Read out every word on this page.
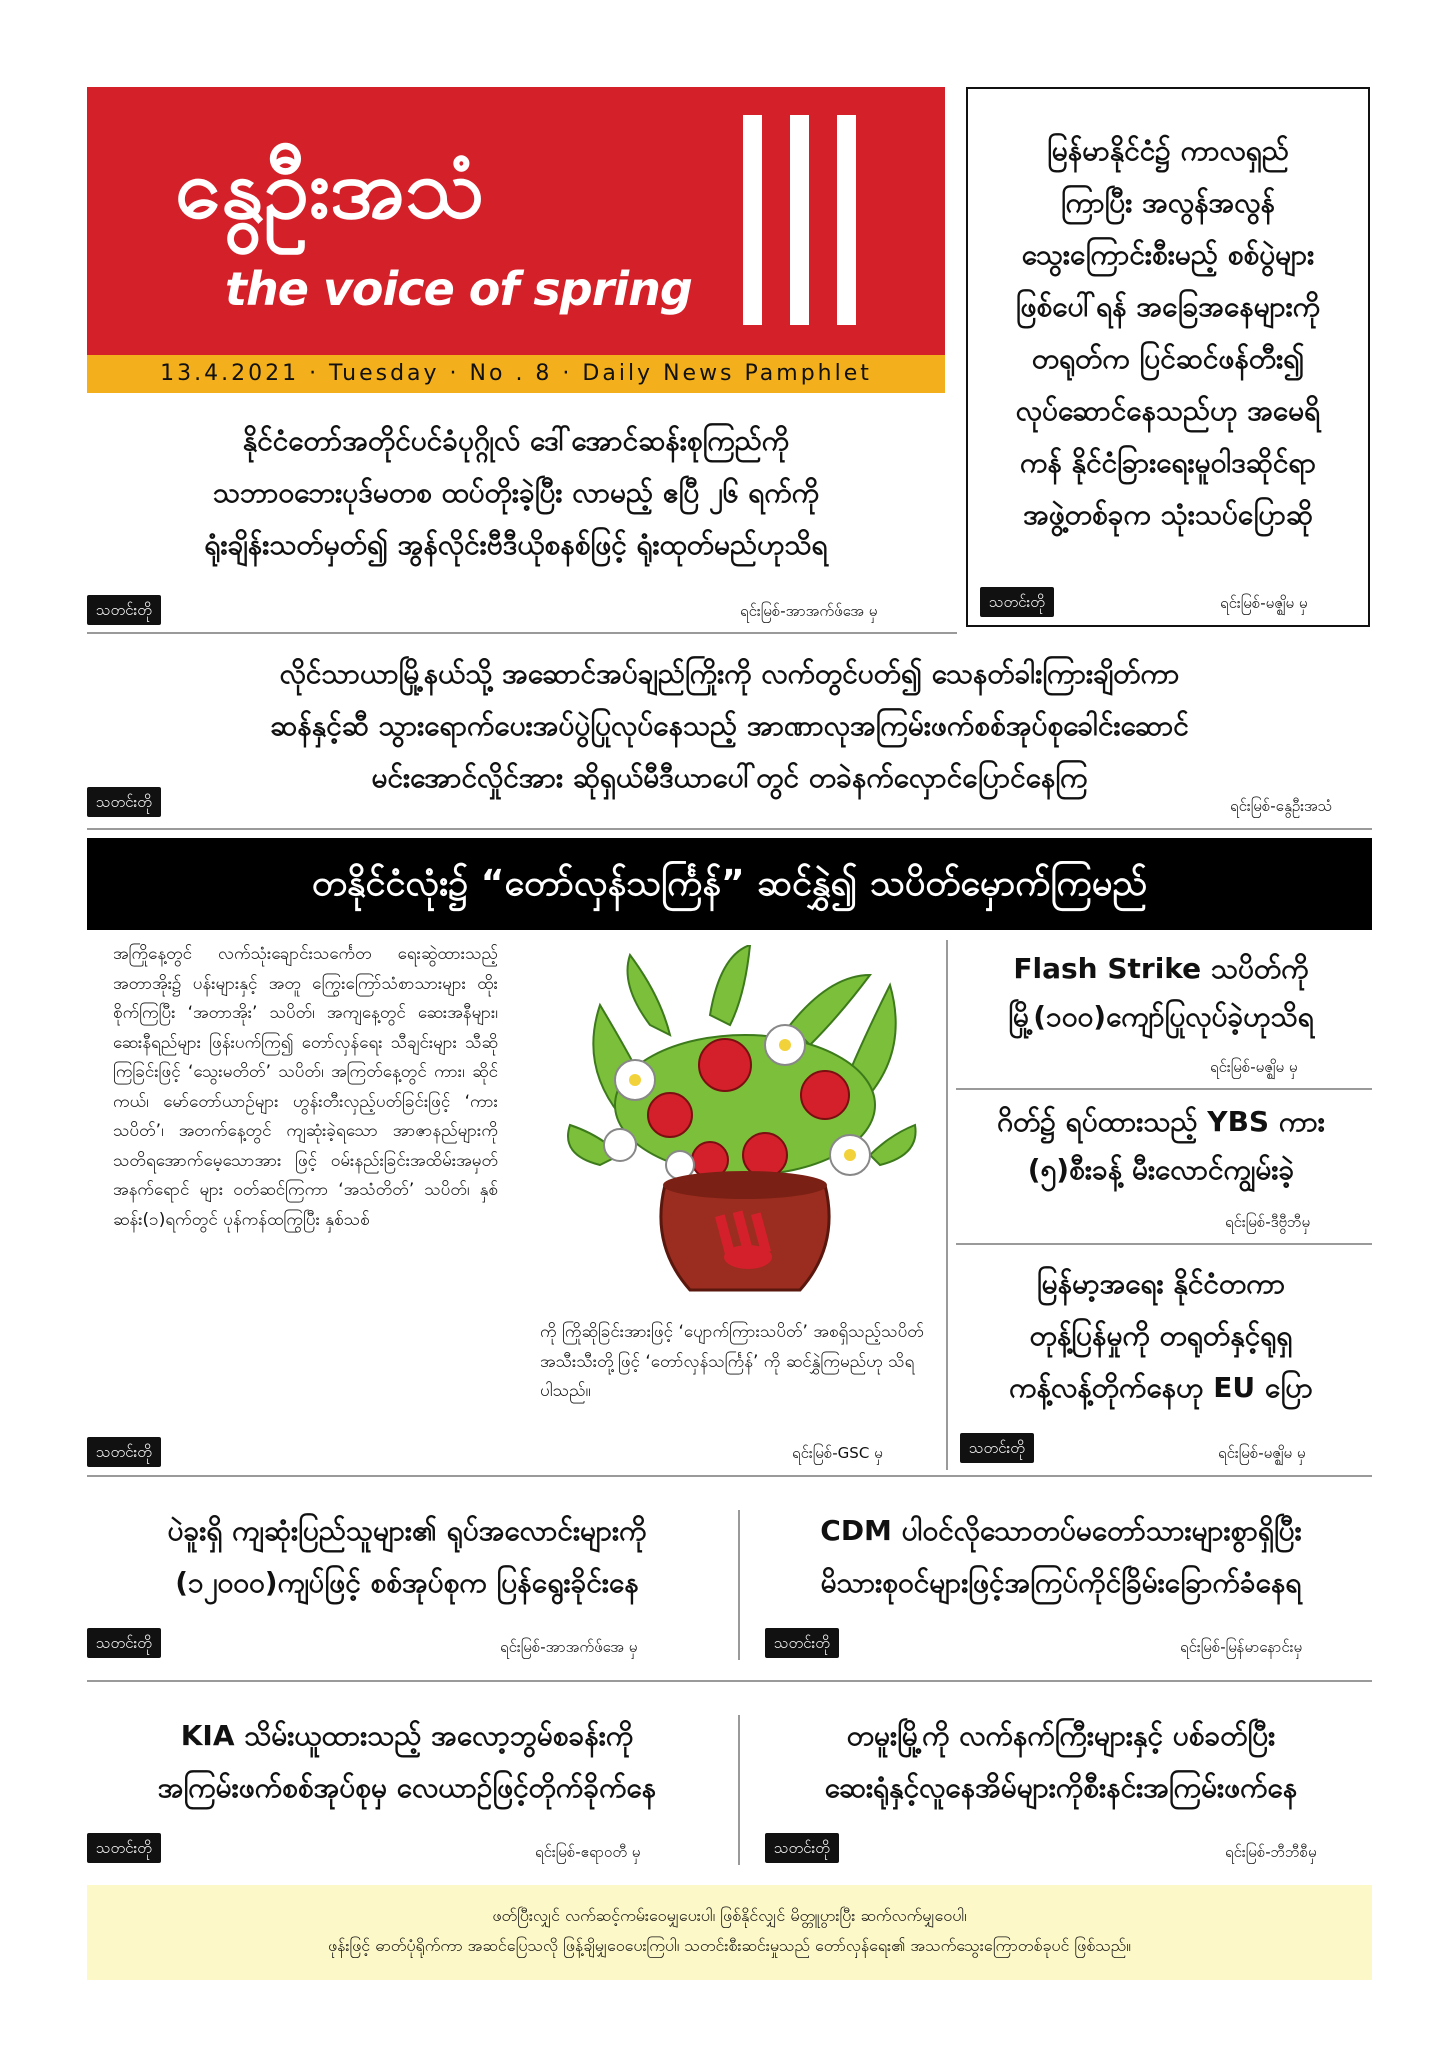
နွေဦးအသံ
the voice of spring
13.4.2021 · Tuesday · No . 8 · Daily News Pamphlet
နိုင်ငံတော်အတိုင်ပင်ခံပုဂ္ဂိုလ် ဒေါ်အောင်ဆန်းစုကြည်ကို
သဘာဝဘေးပုဒ်မတစ ထပ်တိုးခဲ့ပြီး လာမည့် ဧပြီ ၂၆ ရက်ကို
ရုံးချိန်းသတ်မှတ်၍ အွန်လိုင်းဗီဒီယိုစနစ်ဖြင့် ရုံးထုတ်မည်ဟုသိရ
သတင်းတို	ရင်းမြစ်-အာအက်ဖ်အေ မှ
မြန်မာနိုင်ငံ၌ ကာလရှည်
ကြာပြီး အလွန်အလွန်
သွေးကြောင်းစီးမည့် စစ်ပွဲများ
ဖြစ်ပေါ်ရန် အခြေအနေများကို
တရုတ်က ပြင်ဆင်ဖန်တီး၍
လုပ်ဆောင်နေသည်ဟု အမေရိ
ကန် နိုင်ငံခြားရေးမူဝါဒဆိုင်ရာ
အဖွဲ့တစ်ခုက သုံးသပ်ပြောဆို
သတင်းတို	ရင်းမြစ်-မဇ္ဈိမ မှ
လိုင်သာယာမြို့နယ်သို့ အဆောင်အပ်ချည်ကြိုးကို လက်တွင်ပတ်၍ သေနတ်ခါးကြားချိတ်ကာ
ဆန်နှင့်ဆီ သွားရောက်ပေးအပ်ပွဲပြုလုပ်နေသည့် အာဏာလုအကြမ်းဖက်စစ်အုပ်စုခေါင်းဆောင်
မင်းအောင်လှိုင်အား ဆိုရှယ်မီဒီယာပေါ်တွင် တခဲနက်လှောင်ပြောင်နေကြ
သတင်းတို	ရင်းမြစ်-နွေဦးအသံ
တနိုင်ငံလုံး၌ “တော်လှန်သင်္ကြန်” ဆင်နွှဲ၍ သပိတ်မှောက်ကြမည်
အကြိုနေ့တွင် လက်သုံးချောင်းသင်္ကေတ ရေးဆွဲထားသည့်အတာအိုး၌ ပန်းများနှင့် အတူ ကြွေးကြော်သံစာသားများ ထိုးစိုက်ကြပြီး ‘အတာအိုး’ သပိတ်၊ အကျနေ့တွင် ဆေးအနီများ၊ ဆေးနီရည်များ ဖြန်းပက်ကြ၍ တော်လှန်ရေး သီချင်းများ သီဆိုကြခြင်းဖြင့် ‘သွေးမတိတ်’ သပိတ်၊ အကြတ်နေ့တွင် ကား၊ ဆိုင်ကယ်၊ မော်တော်ယာဉ်များ ဟွန်းတီးလှည့်ပတ်ခြင်းဖြင့် ‘ကားသပိတ်’၊ အတက်နေ့တွင် ကျဆုံးခဲ့ရသော အာဇာနည်များကို သတိရအောက်မေ့သောအား ဖြင့် ဝမ်းနည်းခြင်းအထိမ်းအမှတ် အနက်ရောင် များ ဝတ်ဆင်ကြကာ ‘အသံတိတ်’ သပိတ်၊ နှစ်ဆန်း(၁)ရက်တွင် ပုန်ကန်ထကြွပြီး နှစ်သစ်
ကို ကြိုဆိုခြင်းအားဖြင့် ‘ပျောက်ကြားသပိတ်’ အစရှိသည့်သပိတ်အသီးသီးတို့ဖြင့် ‘တော်လှန်သင်္ကြန်’ ကို ဆင်နွှဲကြမည်ဟု သိရပါသည်။
သတင်းတို	ရင်းမြစ်-GSC မှ
Flash Strike သပိတ်ကို
မြို့(၁၀၀)ကျော်ပြုလုပ်ခဲ့ဟုသိရ
ရင်းမြစ်-မဇ္ဈိမ မှ
ဂိတ်၌ ရပ်ထားသည့် YBS ကား
(၅)စီးခန့် မီးလောင်ကျွမ်းခဲ့
ရင်းမြစ်-ဒီဗွီဘီမှ
မြန်မာ့အရေး နိုင်ငံတကာ
တုန့်ပြန်မှုကို တရုတ်နှင့်ရုရှ
ကန့်လန့်တိုက်နေဟု EU ပြော
သတင်းတို	ရင်းမြစ်-မဇ္ဈိမ မှ
ပဲခူးရှိ ကျဆုံးပြည်သူများ၏ ရုပ်အလောင်းများကို
(၁၂၀၀၀)ကျပ်ဖြင့် စစ်အုပ်စုက ပြန်ရွေးခိုင်းနေ
သတင်းတို	ရင်းမြစ်-အာအက်ဖ်အေ မှ
CDM ပါဝင်လိုသောတပ်မတော်သားများစွာရှိပြီး
မိသားစုဝင်များဖြင့်အကြပ်ကိုင်ခြိမ်းခြောက်ခံနေရ
သတင်းတို	ရင်းမြစ်-မြန်မာနောင်းမှ
KIA သိမ်းယူထားသည့် အလော့ဘွမ်စခန်းကို
အကြမ်းဖက်စစ်အုပ်စုမှ လေယာဉ်ဖြင့်တိုက်ခိုက်နေ
သတင်းတို	ရင်းမြစ်-ဧရာဝတီ မှ
တမူးမြို့ကို လက်နက်ကြီးများနှင့် ပစ်ခတ်ပြီး
ဆေးရုံနှင့်လူနေအိမ်များကိုစီးနင်းအကြမ်းဖက်နေ
သတင်းတို	ရင်းမြစ်-ဘီဘီစီမှ
ဖတ်ပြီးလျှင် လက်ဆင့်ကမ်းဝေမျှပေးပါ၊ ဖြစ်နိုင်လျှင် မိတ္တူပွားပြီး ဆက်လက်မျှဝေပါ၊
ဖုန်းဖြင့် ဓာတ်ပုံရိုက်ကာ အဆင်ပြေသလို ဖြန့်ချိမျှဝေပေးကြပါ၊ သတင်းစီးဆင်းမှုသည် တော်လှန်ရေး၏ အသက်သွေးကြောတစ်ခုပင် ဖြစ်သည်။
